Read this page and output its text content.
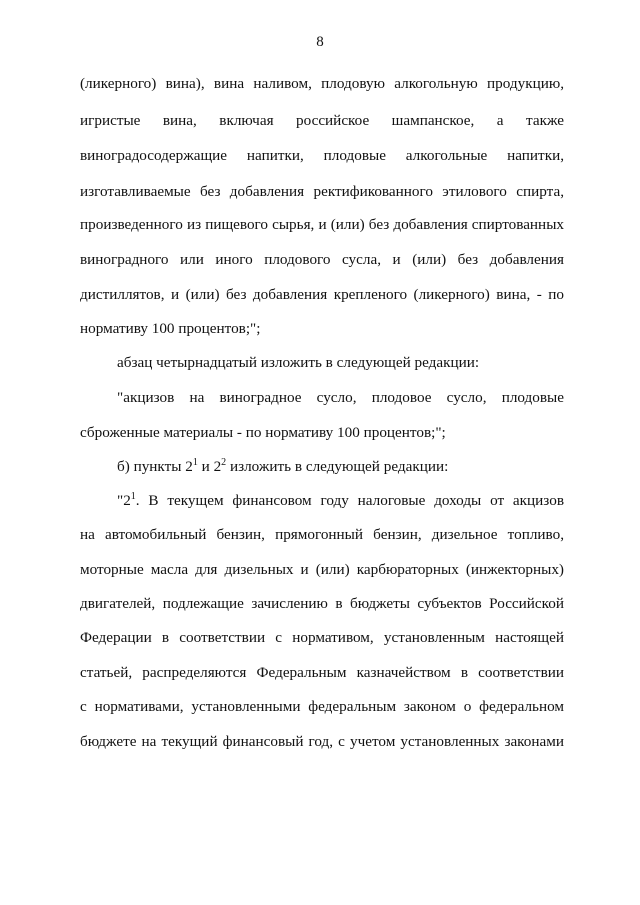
8
(ликерного) вина), вина наливом, плодовую алкогольную продукцию,
игристые вина, включая российское шампанское, а также
виноградосодержащие напитки, плодовые алкогольные напитки,
изготавливаемые без добавления ректификованного этилового спирта,
произведенного из пищевого сырья, и (или) без добавления спиртованных
виноградного или иного плодового сусла, и (или) без добавления
дистиллятов, и (или) без добавления крепленого (ликерного) вина, - по
нормативу 100 процентов;";
абзац четырнадцатый изложить в следующей редакции:
"акцизов на виноградное сусло, плодовое сусло, плодовые
сброженные материалы - по нормативу 100 процентов;";
б) пункты $2^1$ и $2^2$ изложить в следующей редакции:
"$2^1$. В текущем финансовом году налоговые доходы от акцизов
на автомобильный бензин, прямогонный бензин, дизельное топливо,
моторные масла для дизельных и (или) карбюраторных (инжекторных)
двигателей, подлежащие зачислению в бюджеты субъектов Российской
Федерации в соответствии с нормативом, установленным настоящей
статьей, распределяются Федеральным казначейством в соответствии
с нормативами, установленными федеральным законом о федеральном
бюджете на текущий финансовый год, с учетом установленных законами
